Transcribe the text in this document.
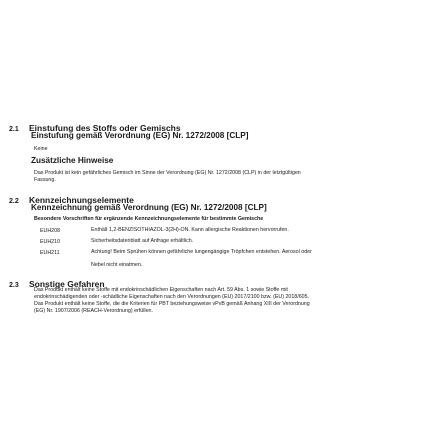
2.1 Einstufung des Stoffs oder Gemischs
Einstufung gemäß Verordnung (EG) Nr. 1272/2008 [CLP]
Keine
Zusätzliche Hinweise
Das Produkt ist kein gefährliches Gemisch im Sinne der Verordnung (EG) Nr. 1272/2008 (CLP) in der letztgültigen
Fassung.
2.2 Kennzeichnungselemente
Kennzeichnung gemäß Verordnung (EG) Nr. 1272/2008 [CLP]
Besondere Vorschriften für ergänzende Kennzeichnungselemente für bestimmte Gemische
EUH208	Enthält 1,2-BENZISOTHIAZOL-3(2H)-ON. Kann allergische Reaktionen hervorrufen.
EUH210	Sicherheitsdatenblatt auf Anfrage erhältlich.
EUH211	Achtung! Beim Sprühen können gefährliche lungengängige Tröpfchen entstehen. Aerosol oder
Nebel nicht einatmen.
2.3 Sonstige Gefahren
Das Produkt enthält keine Stoffe mit endokrinschädlichen Eigenschaften nach Art. 59 Abs. 1 sowie Stoffe mit
endokrinschädigenden oder -schädliche Eigenschaften nach den Verordnungen (EU) 2017/2100 bzw. (EU) 2018/605.
Das Produkt enthält keine Stoffe, die die Kriterien für PBT beziehungsweise vPvB gemäß Anhang XIII der Verordnung
(EG) Nr. 1907/2006 (REACH-Verordnung) erfüllen.
